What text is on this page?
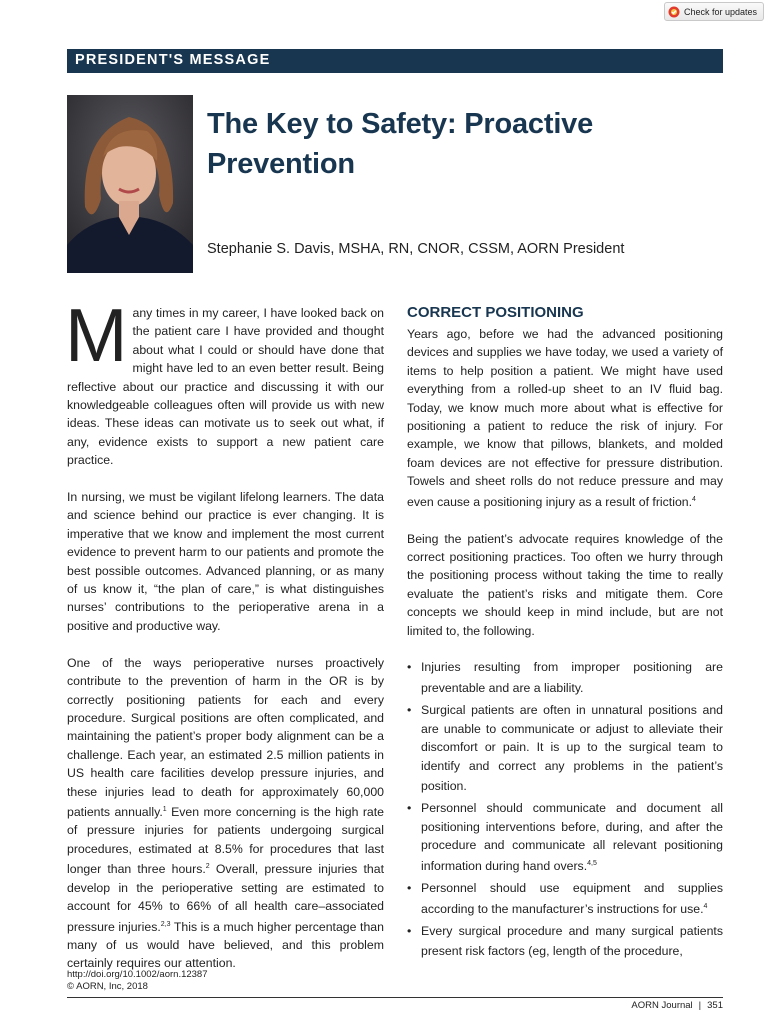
Check for updates
PRESIDENT'S MESSAGE
The Key to Safety: Proactive
Prevention
Stephanie S. Davis, MSHA, RN, CNOR, CSSM, AORN President

Many times in my career, I have looked back on the patient care I have provided and thought about what I could or should have done that might have led to an even better result. Being reflective about our practice and discussing it with our knowledgeable colleagues often will provide us with new ideas. These ideas can motivate us to seek out what, if any, evidence exists to support a new patient care practice.

In nursing, we must be vigilant lifelong learners. The data and science behind our practice is ever changing. It is imperative that we know and implement the most current evidence to prevent harm to our patients and promote the best possible outcomes. Advanced planning, or as many of us know it, “the plan of care,” is what distinguishes nurses’ contributions to the perioperative arena in a positive and productive way.

One of the ways perioperative nurses proactively contribute to the prevention of harm in the OR is by correctly positioning patients for each and every procedure. Surgical positions are often complicated, and maintaining the patient’s proper body alignment can be a challenge. Each year, an estimated 2.5 million patients in US health care facilities develop pressure injuries, and these injuries lead to death for approximately 60,000 patients annually.$^1$ Even more concerning is the high rate of pressure injuries for patients undergoing surgical procedures, estimated at 8.5% for procedures that last longer than three hours.$^2$ Overall, pressure injuries that develop in the perioperative setting are estimated to account for 45% to 66% of all health care–associated pressure injuries.$^{2,3}$ This is a much higher percentage than many of us would have believed, and this problem certainly requires our attention.

CORRECT POSITIONING

Years ago, before we had the advanced positioning devices and supplies we have today, we used a variety of items to help position a patient. We might have used everything from a rolled-up sheet to an IV fluid bag. Today, we know much more about what is effective for positioning a patient to reduce the risk of injury. For example, we know that pillows, blankets, and molded foam devices are not effective for pressure distribution. Towels and sheet rolls do not reduce pressure and may even cause a positioning injury as a result of friction.$^4$

Being the patient’s advocate requires knowledge of the correct positioning practices. Too often we hurry through the positioning process without taking the time to really evaluate the patient’s risks and mitigate them. Core concepts we should keep in mind include, but are not limited to, the following.

• Injuries resulting from improper positioning are preventable and are a liability.
• Surgical patients are often in unnatural positions and are unable to communicate or adjust to alleviate their discomfort or pain. It is up to the surgical team to identify and correct any problems in the patient’s position.
• Personnel should communicate and document all positioning interventions before, during, and after the procedure and communicate all relevant positioning information during hand overs.$^{4,5}$
• Personnel should use equipment and supplies according to the manufacturer’s instructions for use.$^4$
• Every surgical procedure and many surgical patients present risk factors (eg, length of the procedure,
http://doi.org/10.1002/aorn.12387
© AORN, Inc, 2018
AORN Journal | 351
